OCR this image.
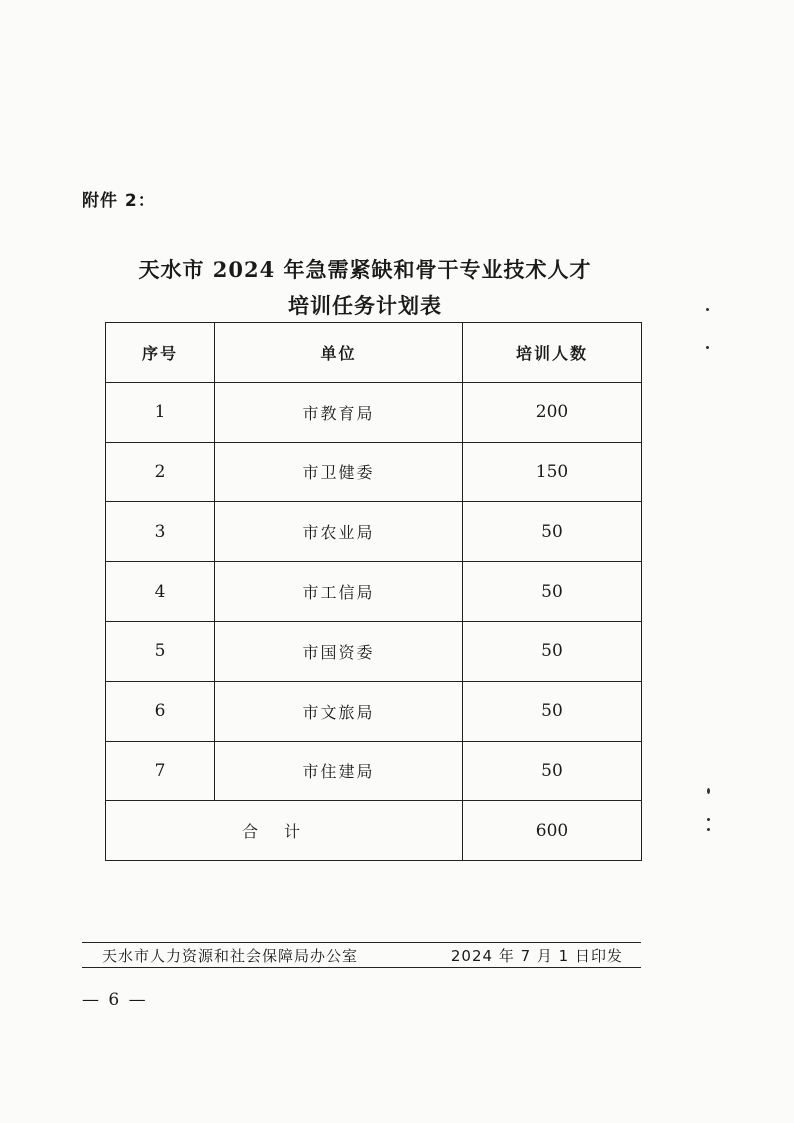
附件 2：
天水市 2024 年急需紧缺和骨干专业技术人才
培训任务计划表
序号	单位	培训人数
1	市教育局	200
2	市卫健委	150
3	市农业局	50
4	市工信局	50
5	市国资委	50
6	市文旅局	50
7	市住建局	50
合计		600
天水市人力资源和社会保障局办公室	2024 年 7 月 1 日印发
— 6 —
